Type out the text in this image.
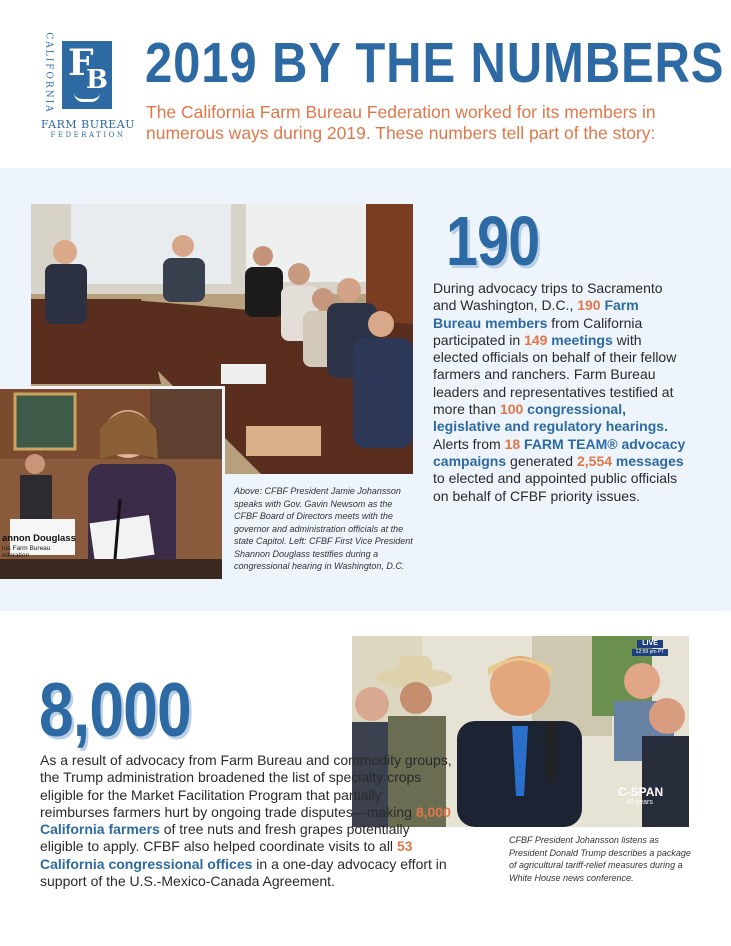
CALIFORNIA F
B
FARM BUREAU
FEDERATION
2019 BY THE NUMBERS
The California Farm Bureau Federation worked for its members in numerous ways during 2019. These numbers tell part of the story:
annon Douglass
nia Farm Bureau
ederation
Above: CFBF President Jamie Johansson speaks with Gov. Gavin Newsom as the CFBF Board of Directors meets with the governor and administration officials at the state Capitol. Left: CFBF First Vice President Shannon Douglass testifies during a congressional hearing in Washington, D.C.
190
During advocacy trips to Sacramento and Washington, D.C., 190 Farm Bureau members from California participated in 149 meetings with elected officials on behalf of their fellow farmers and ranchers. Farm Bureau leaders and representatives testified at more than 100 congressional, legislative and regulatory hearings. Alerts from 18 FARM TEAM® advocacy campaigns generated 2,554 messages to elected and appointed public officials on behalf of CFBF priority issues.
LIVE
12:59 pm PT
C-SPAN
40 years
CFBF President Johansson listens as President Donald Trump describes a package of agricultural tariff-relief measures during a White House news conference.
8,000
As a result of advocacy from Farm Bureau and commodity groups, the Trump administration broadened the list of specialty crops eligible for the Market Facilitation Program that partially reimburses farmers hurt by ongoing trade disputes—making 8,000 California farmers of tree nuts and fresh grapes potentially eligible to apply. CFBF also helped coordinate visits to all 53 California congressional offices in a one-day advocacy effort in support of the U.S.-Mexico-Canada Agreement.
